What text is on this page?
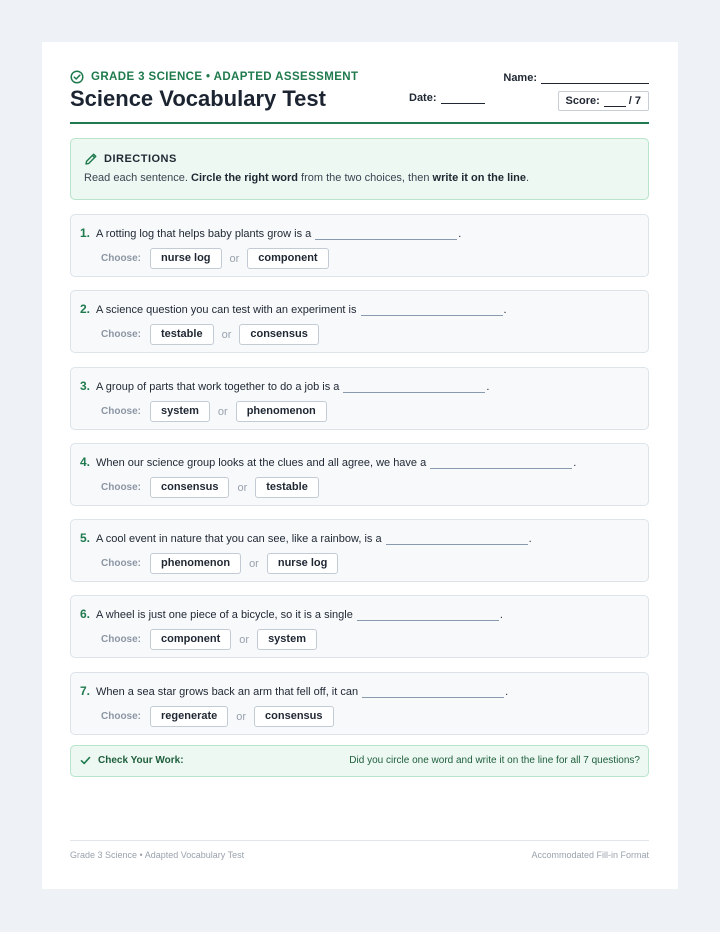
GRADE 3 SCIENCE • ADAPTED ASSESSMENT
Science Vocabulary Test
Name:
Date:	Score:	/ 7
DIRECTIONS
Read each sentence. Circle the right word from the two choices, then write it on the line.
1. A rotting log that helps baby plants grow is a	.
Choose:	nurse log	or	component
2. A science question you can test with an experiment is	.
Choose:	testable	or	consensus
3. A group of parts that work together to do a job is a	.
Choose:	system	or	phenomenon
4. When our science group looks at the clues and all agree, we have a	.
Choose:	consensus	or	testable
5. A cool event in nature that you can see, like a rainbow, is a	.
Choose:	phenomenon	or	nurse log
6. A wheel is just one piece of a bicycle, so it is a single	.
Choose:	component	or	system
7. When a sea star grows back an arm that fell off, it can	.
Choose:	regenerate	or	consensus
Check Your Work:	Did you circle one word and write it on the line for all 7 questions?
Grade 3 Science • Adapted Vocabulary Test	Accommodated Fill-in Format
